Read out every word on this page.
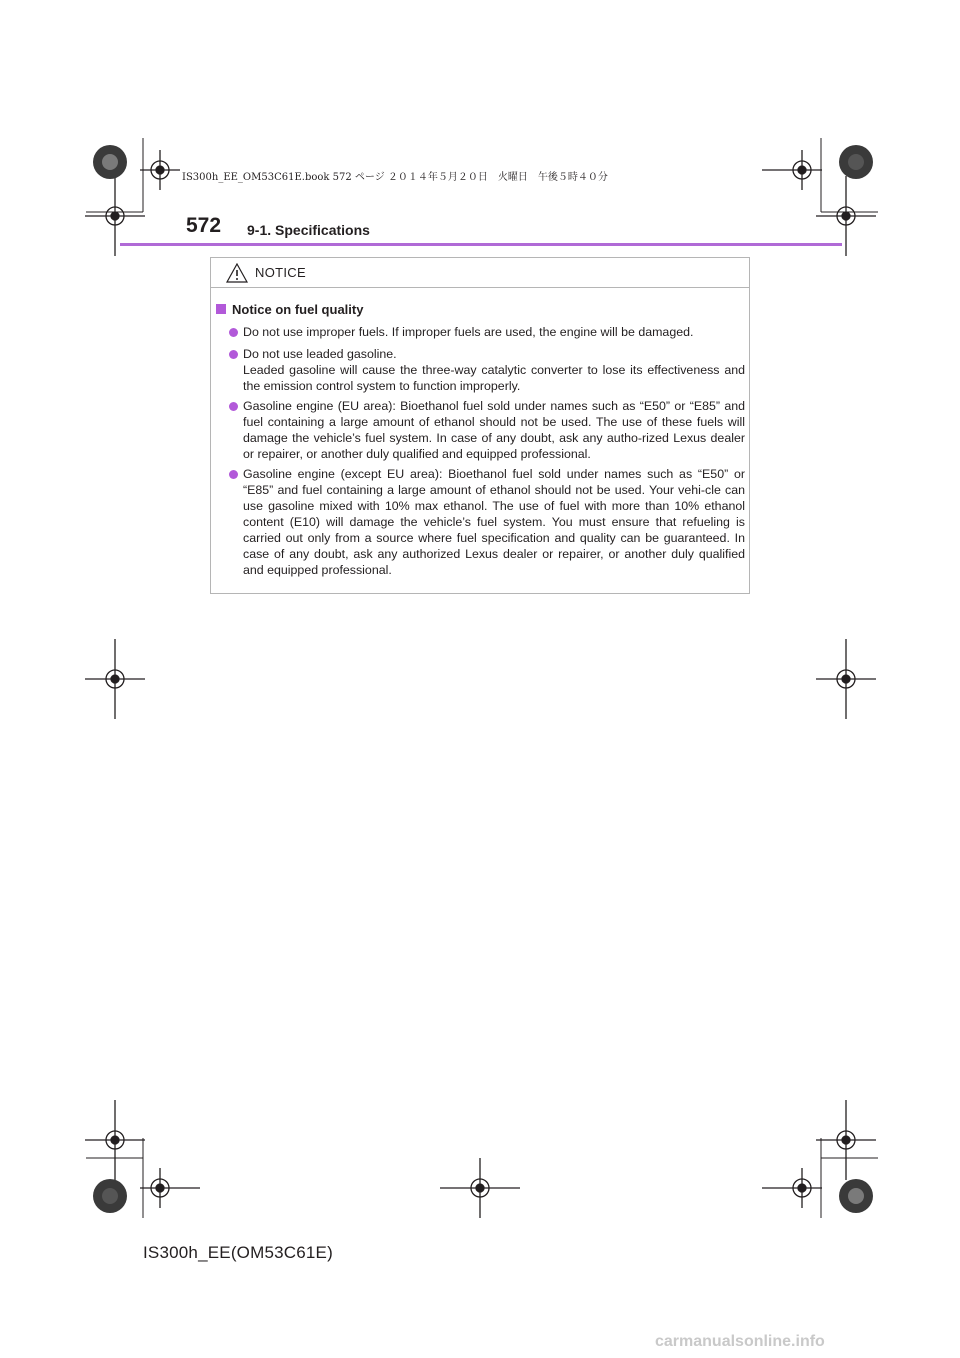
IS300h_EE_OM53C61E.book 572 ページ ２０１４年５月２０日　火曜日　午後５時４０分
572 9-1. Specifications
NOTICE
Notice on fuel quality
Do not use improper fuels. If improper fuels are used, the engine will be damaged.
Do not use leaded gasoline.
Leaded gasoline will cause the three-way catalytic converter to lose its effectiveness and the emission control system to function improperly.
Gasoline engine (EU area): Bioethanol fuel sold under names such as “E50” or “E85” and fuel containing a large amount of ethanol should not be used. The use of these fuels will damage the vehicle’s fuel system. In case of any doubt, ask any autho-rized Lexus dealer or repairer, or another duly qualified and equipped professional.
Gasoline engine (except EU area): Bioethanol fuel sold under names such as “E50” or “E85” and fuel containing a large amount of ethanol should not be used. Your vehi-cle can use gasoline mixed with 10% max ethanol. The use of fuel with more than 10% ethanol content (E10) will damage the vehicle’s fuel system. You must ensure that refueling is carried out only from a source where fuel specification and quality can be guaranteed. In case of any doubt, ask any authorized Lexus dealer or repairer, or another duly qualified and equipped professional.
IS300h_EE(OM53C61E)
carmanualsonline.info
